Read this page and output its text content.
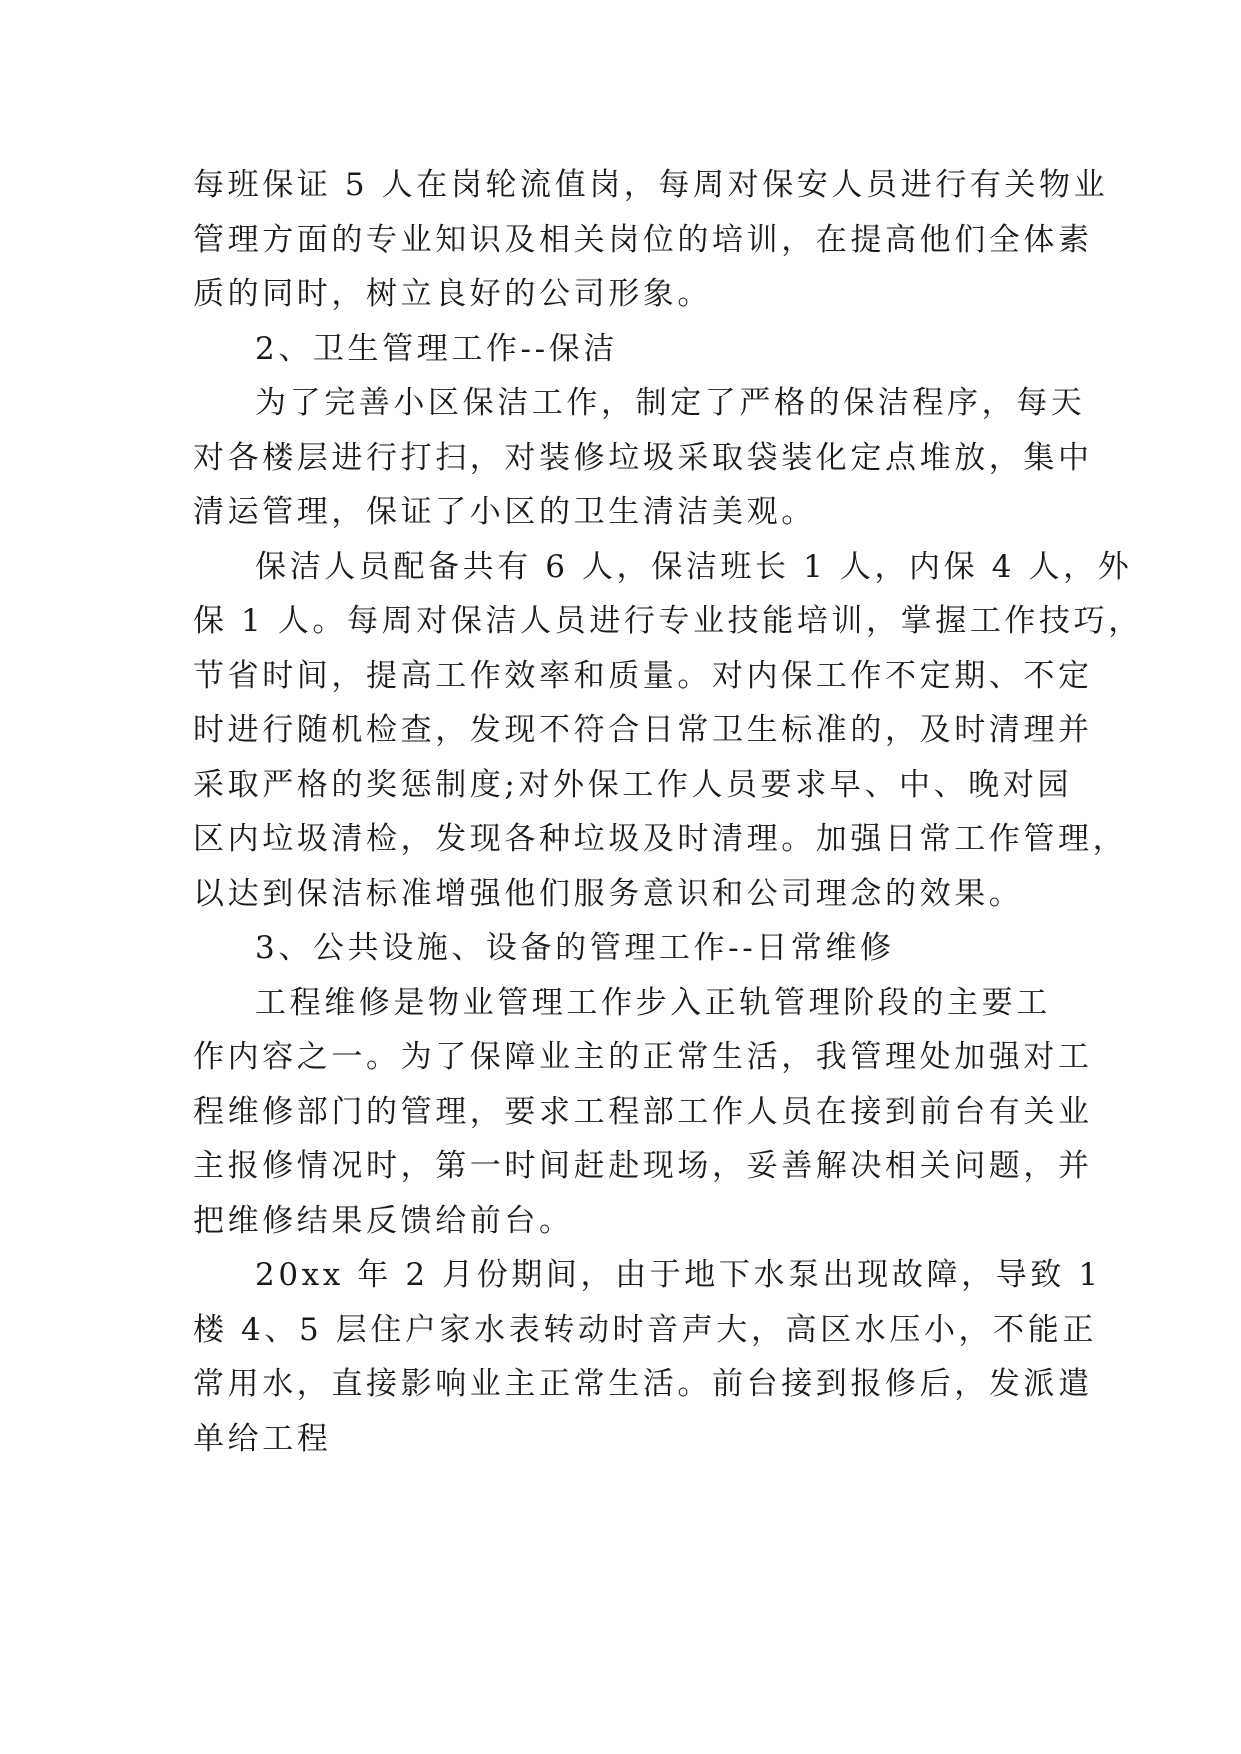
每班保证 5 人在岗轮流值岗，每周对保安人员进行有关物业
管理方面的专业知识及相关岗位的培训，在提高他们全体素
质的同时，树立良好的公司形象。
2、卫生管理工作--保洁
为了完善小区保洁工作，制定了严格的保洁程序，每天
对各楼层进行打扫，对装修垃圾采取袋装化定点堆放，集中
清运管理，保证了小区的卫生清洁美观。
保洁人员配备共有 6 人，保洁班长 1 人，内保 4 人，外
保 1 人。每周对保洁人员进行专业技能培训，掌握工作技巧，
节省时间，提高工作效率和质量。对内保工作不定期、不定
时进行随机检查，发现不符合日常卫生标准的，及时清理并
采取严格的奖惩制度;对外保工作人员要求早、中、晚对园
区内垃圾清检，发现各种垃圾及时清理。加强日常工作管理，
以达到保洁标准增强他们服务意识和公司理念的效果。
3、公共设施、设备的管理工作--日常维修
工程维修是物业管理工作步入正轨管理阶段的主要工
作内容之一。为了保障业主的正常生活，我管理处加强对工
程维修部门的管理，要求工程部工作人员在接到前台有关业
主报修情况时，第一时间赶赴现场，妥善解决相关问题，并
把维修结果反馈给前台。
20xx 年 2 月份期间，由于地下水泵出现故障，导致 1
楼 4、5 层住户家水表转动时音声大，高区水压小，不能正
常用水，直接影响业主正常生活。前台接到报修后，发派遣
单给工程
